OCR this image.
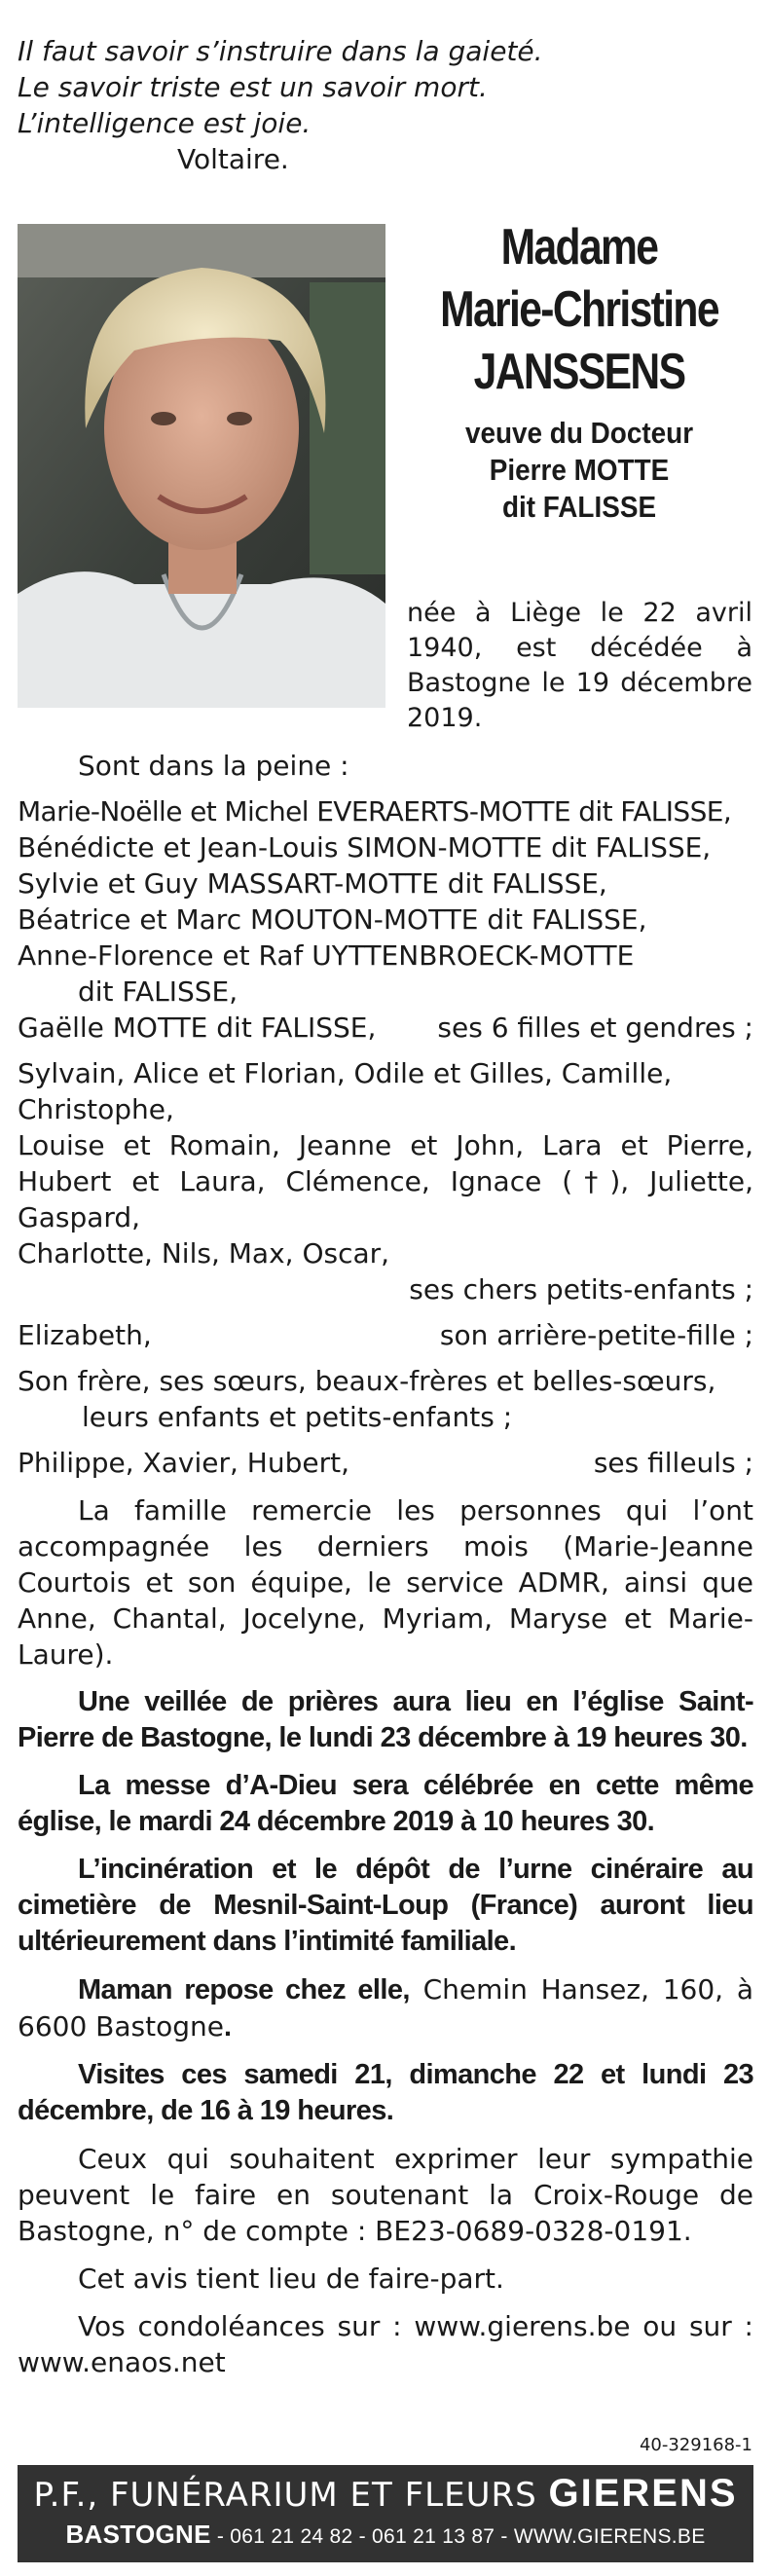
Il faut savoir s’instruire dans la gaieté.
Le savoir triste est un savoir mort.
L’intelligence est joie.
Voltaire.
Madame
Marie-Christine
JANSSENS
veuve du Docteur
Pierre MOTTE
dit FALISSE
née à Liège le 22 avril 1940, est décédée à Bastogne le 19 décembre 2019.
Sont dans la peine :
Marie-Noëlle et Michel EVERAERTS-MOTTE dit FALISSE,
Bénédicte et Jean-Louis SIMON-MOTTE dit FALISSE,
Sylvie et Guy MASSART-MOTTE dit FALISSE,
Béatrice et Marc MOUTON-MOTTE dit FALISSE,
Anne-Florence et Raf UYTTENBROECK-MOTTE
dit FALISSE,
Gaëlle MOTTE dit FALISSE, ses 6 filles et gendres ;
Sylvain, Alice et Florian, Odile et Gilles, Camille, Christophe,
Louise et Romain, Jeanne et John, Lara et Pierre, Hubert et Laura, Clémence, Ignace (†), Juliette, Gaspard,
Charlotte, Nils, Max, Oscar,
ses chers petits-enfants ;
Elizabeth,	son arrière-petite-fille ;
Son frère, ses sœurs, beaux-frères et belles-sœurs,
leurs enfants et petits-enfants ;
Philippe, Xavier, Hubert,	ses filleuls ;
La famille remercie les personnes qui l’ont accompagnée les derniers mois (Marie-Jeanne Courtois et son équipe, le service ADMR, ainsi que Anne, Chantal, Jocelyne, Myriam, Maryse et Marie-Laure).
Une veillée de prières aura lieu en l’église Saint-Pierre de Bastogne, le lundi 23 décembre à 19 heures 30.
La messe d’A-Dieu sera célébrée en cette même église, le mardi 24 décembre 2019 à 10 heures 30.
L’incinération et le dépôt de l’urne cinéraire au cimetière de Mesnil-Saint-Loup (France) auront lieu ultérieurement dans l’intimité familiale.
Maman repose chez elle, Chemin Hansez, 160, à 6600 Bastogne.
Visites ces samedi 21, dimanche 22 et lundi 23 décembre, de 16 à 19 heures.
Ceux qui souhaitent exprimer leur sympathie peuvent le faire en soutenant la Croix-Rouge de Bastogne, n° de compte : BE23-0689-0328-0191.
Cet avis tient lieu de faire-part.
Vos condoléances sur : www.gierens.be ou sur : www.enaos.net
40-329168-1
P.F., FUNÉRARIUM ET FLEURS GIERENS
BASTOGNE - 061 21 24 82 - 061 21 13 87 - WWW.GIERENS.BE
